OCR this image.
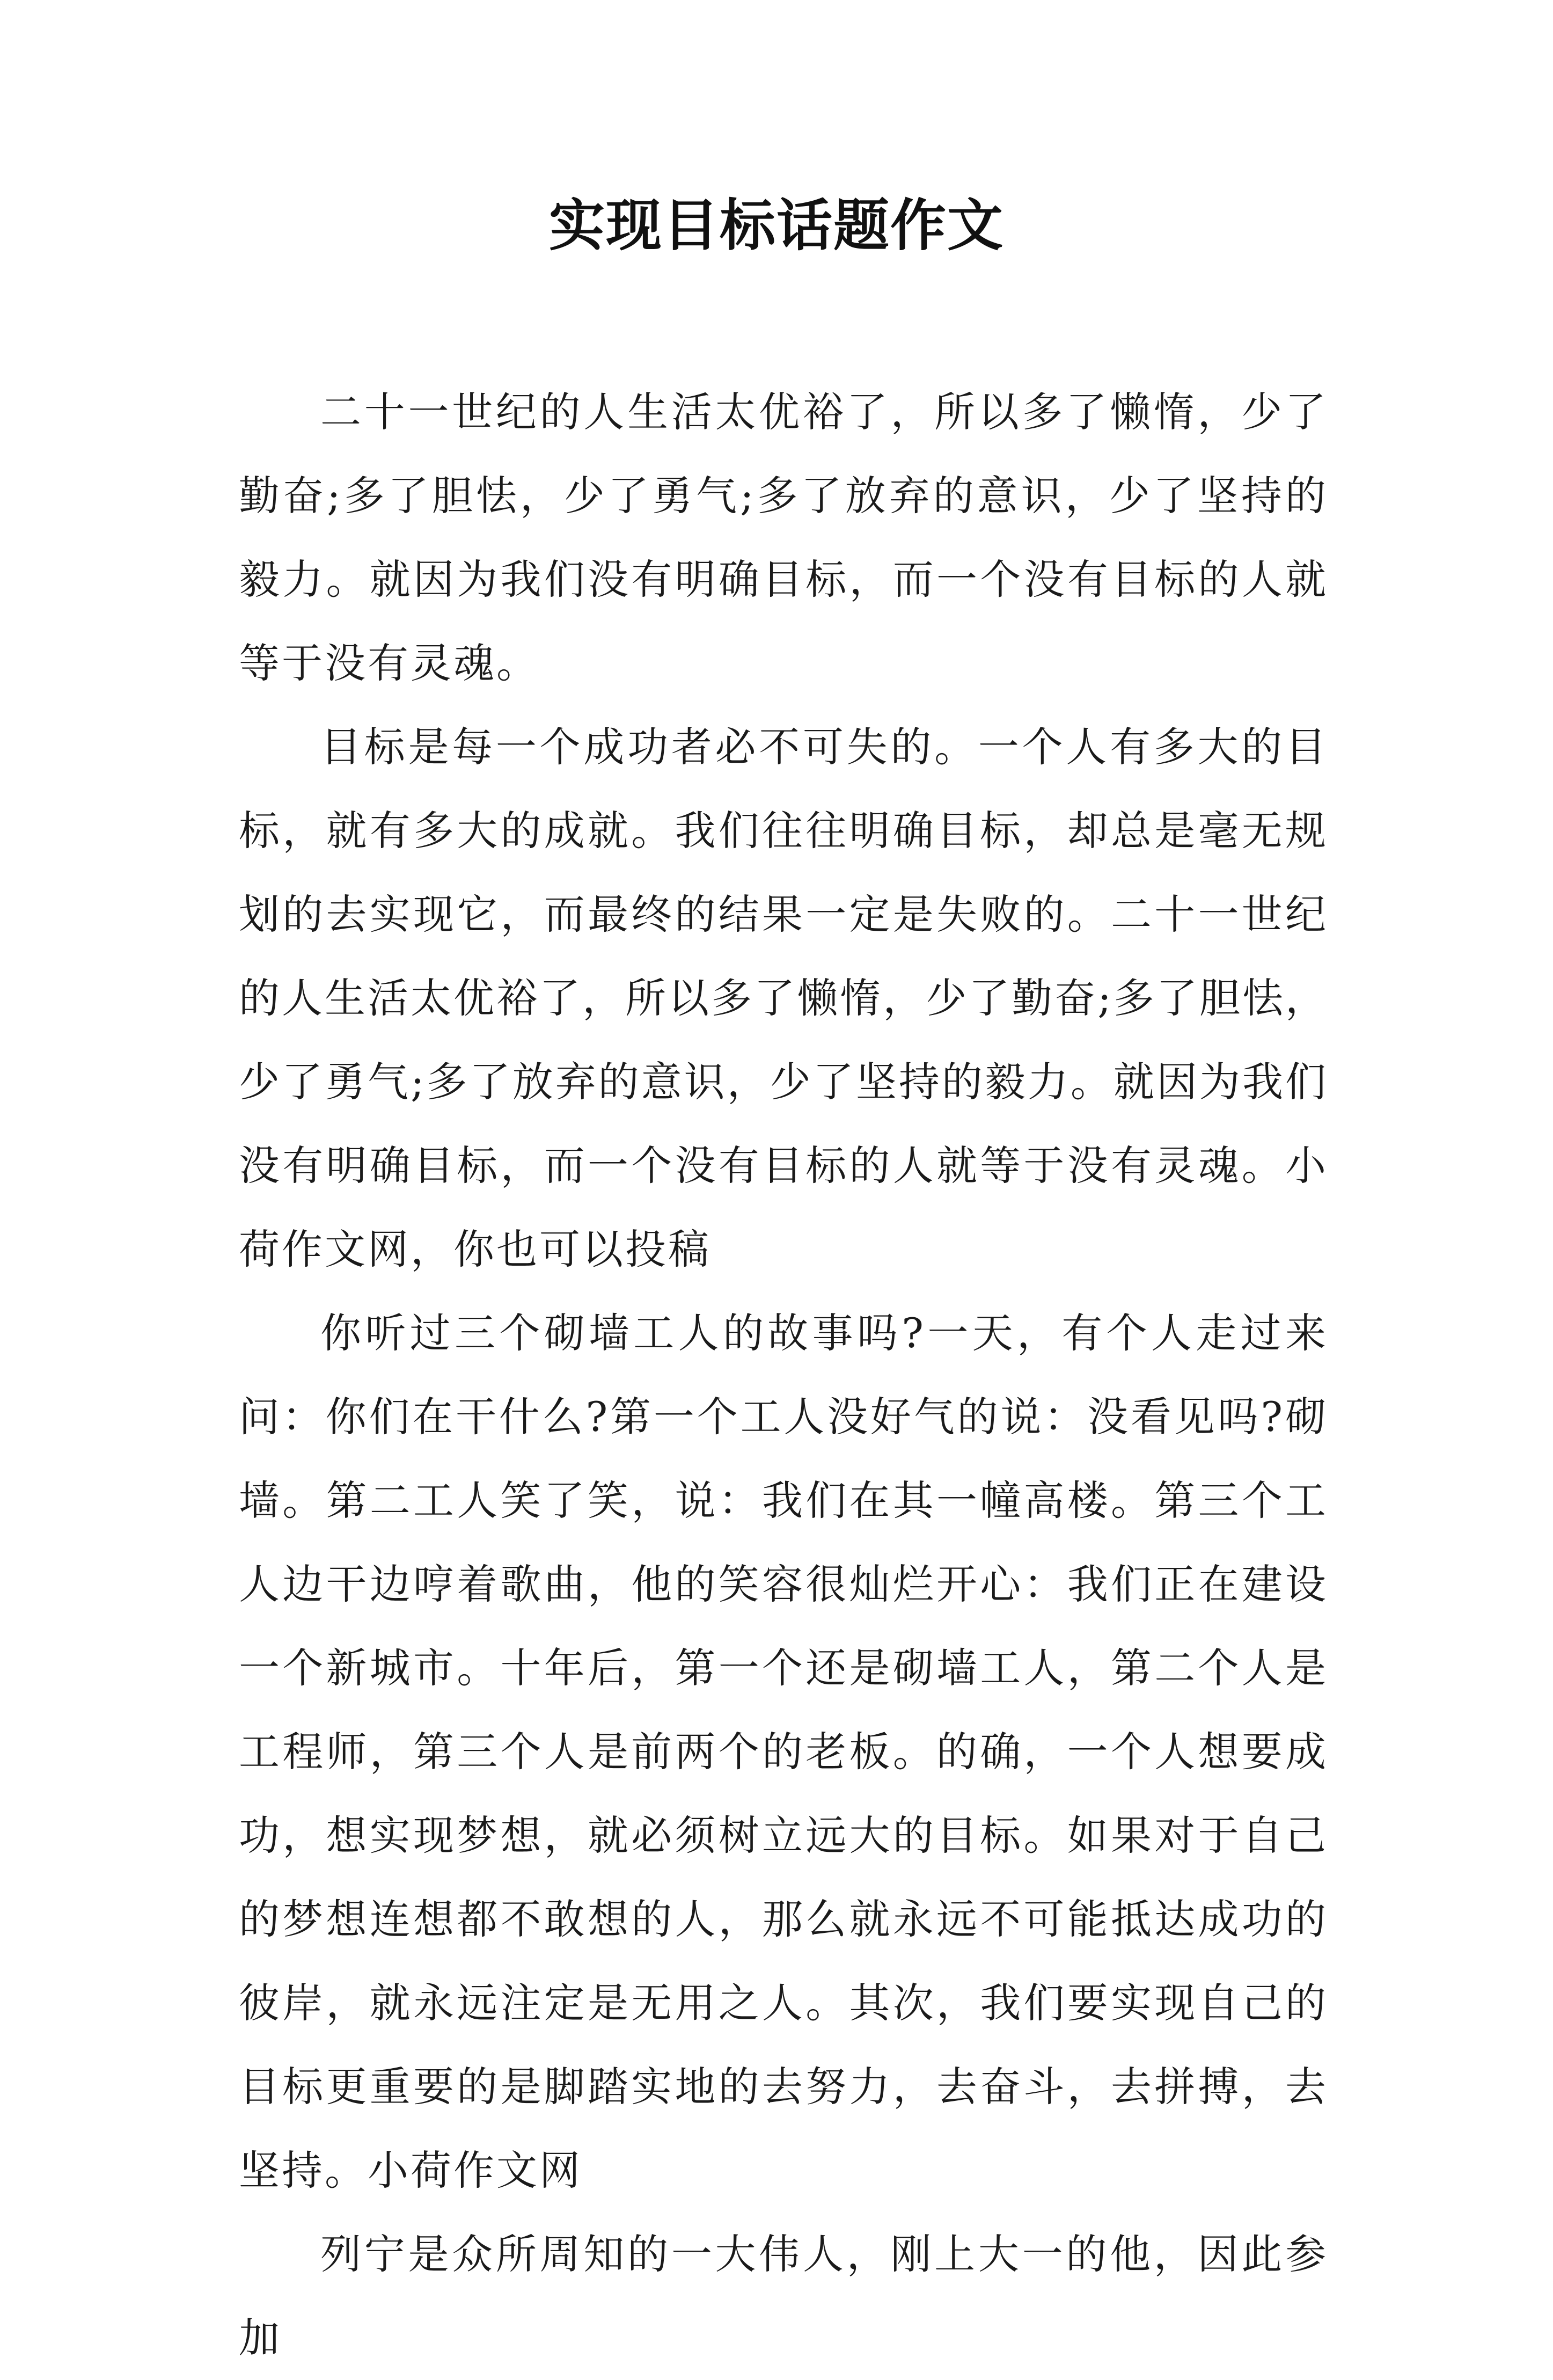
实现目标话题作文

二十一世纪的人生活太优裕了，所以多了懒惰，少了勤奋;多了胆怯，少了勇气;多了放弃的意识，少了坚持的毅力。就因为我们没有明确目标，而一个没有目标的人就等于没有灵魂。

目标是每一个成功者必不可失的。一个人有多大的目标，就有多大的成就。我们往往明确目标，却总是毫无规划的去实现它，而最终的结果一定是失败的。二十一世纪的人生活太优裕了，所以多了懒惰，少了勤奋;多了胆怯，少了勇气;多了放弃的意识，少了坚持的毅力。就因为我们没有明确目标，而一个没有目标的人就等于没有灵魂。小荷作文网，你也可以投稿

你听过三个砌墙工人的故事吗?一天，有个人走过来问：你们在干什么?第一个工人没好气的说：没看见吗?砌墙。第二工人笑了笑，说：我们在其一幢高楼。第三个工人边干边哼着歌曲，他的笑容很灿烂开心：我们正在建设一个新城市。十年后，第一个还是砌墙工人，第二个人是工程师，第三个人是前两个的老板。的确，一个人想要成功，想实现梦想，就必须树立远大的目标。如果对于自己的梦想连想都不敢想的人，那么就永远不可能抵达成功的彼岸，就永远注定是无用之人。其次，我们要实现自己的目标更重要的是脚踏实地的去努力，去奋斗，去拼搏，去坚持。小荷作文网

列宁是众所周知的一大伟人，刚上大一的他，因此参加
